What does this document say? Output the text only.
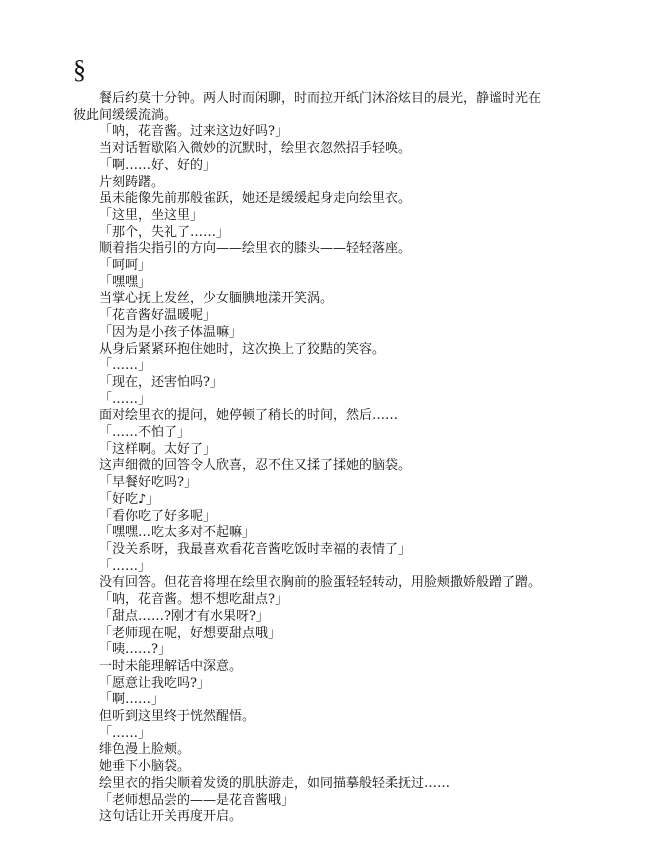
§
餐后约莫十分钟。两人时而闲聊，时而拉开纸门沐浴炫目的晨光，静谧时光在
彼此间缓缓流淌。
「呐，花音酱。过来这边好吗?」
当对话暂歇陷入微妙的沉默时，绘里衣忽然招手轻唤。
「啊……好、好的」
片刻踌躇。
虽未能像先前那般雀跃，她还是缓缓起身走向绘里衣。
「这里，坐这里」
「那个，失礼了……」
顺着指尖指引的方向——绘里衣的膝头——轻轻落座。
「呵呵」
「嘿嘿」
当掌心抚上发丝，少女腼腆地漾开笑涡。
「花音酱好温暖呢」
「因为是小孩子体温嘛」
从身后紧紧环抱住她时，这次换上了狡黠的笑容。
「……」
「现在，还害怕吗?」
「……」
面对绘里衣的提问，她停顿了稍长的时间，然后……
「……不怕了」
「这样啊。太好了」
这声细微的回答令人欣喜，忍不住又揉了揉她的脑袋。
「早餐好吃吗?」
「好吃♪」
「看你吃了好多呢」
「嘿嘿…吃太多对不起嘛」
「没关系呀，我最喜欢看花音酱吃饭时幸福的表情了」
「……」
没有回答。但花音将埋在绘里衣胸前的脸蛋轻轻转动，用脸颊撒娇般蹭了蹭。
「呐，花音酱。想不想吃甜点?」
「甜点……?刚才有水果呀?」
「老师现在呢，好想要甜点哦」
「咦……?」
一时未能理解话中深意。
「愿意让我吃吗?」
「啊……」
但听到这里终于恍然醒悟。
「……」
绯色漫上脸颊。
她垂下小脑袋。
绘里衣的指尖顺着发烫的肌肤游走，如同描摹般轻柔抚过……
「老师想品尝的——是花音酱哦」
这句话让开关再度开启。
